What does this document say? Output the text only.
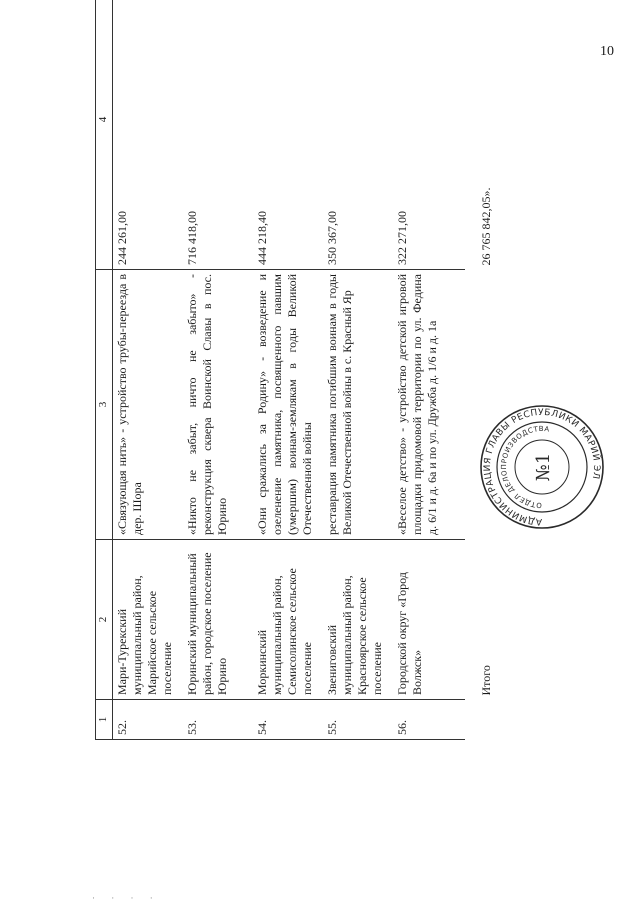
10
1	2	3	4
52.	Мари-Турекский муниципальный район, Марийское сельское поселение	«Связующая нить» - устройство трубы-переезда в дер. Шора	244 261,00
53.	Юринский муниципальный район, городское поселение Юрино	«Никто не забыт, ничто не забыто» - реконструкция сквера Воинской Славы в пос. Юрино	716 418,00
54.	Моркинский муниципальный район, Семисолинское сельское поселение	«Они сражались за Родину» - возведение и озеленение памятника, посвященного павшим (умершим) воинам-землякам в годы Великой Отечественной войны	444 218,40
55.	Звениговский муниципальный район, Красноярское сельское поселение	реставрация памятника погибшим воинам в годы Великой Отечественной войны в с. Красный Яр	350 367,00
56.	Городской округ «Город Волжск»	«Веселое детство» - устройство детской игровой площадки придомовой территории по ул. Федина д. 6/1 и д. 6а и по ул. Дружба д. 1/6 и д. 1а	322 271,00
	Итого		26 765 842,05».
АДМИНИСТРАЦИЯ ГЛАВЫ РЕСПУБЛИКИ МАРИЙ ЭЛ
ОТДЕЛ ДЕЛОПРОИЗВОДСТВА
№1
· · · ·
